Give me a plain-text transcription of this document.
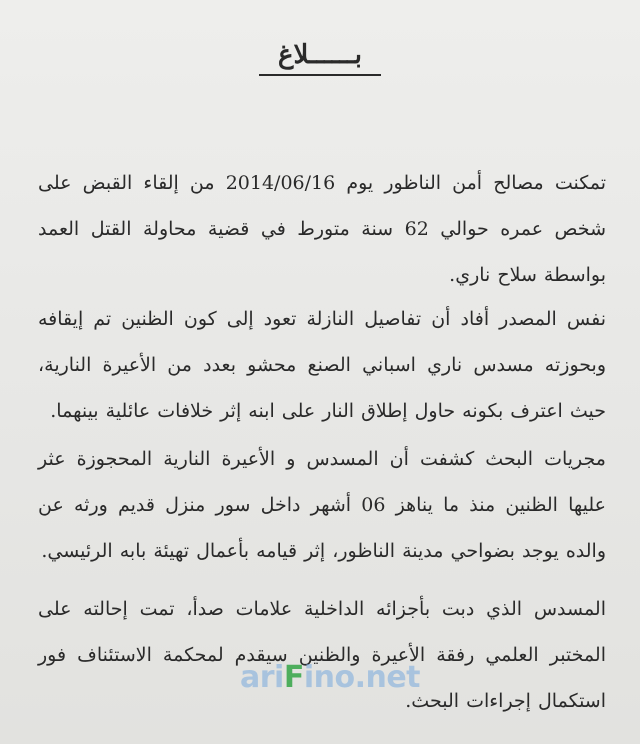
بــــــلاغ
تمكنت مصالح أمن الناظور يوم 2014/06/16 من إلقاء القبض على شخص عمره حوالي 62 سنة متورط في قضية محاولة القتل العمد بواسطة سلاح ناري.
نفس المصدر أفاد أن تفاصيل النازلة تعود إلى كون الظنين تم إيقافه وبحوزته مسدس ناري اسباني الصنع محشو بعدد من الأعيرة النارية، حيث اعترف بكونه حاول إطلاق النار على ابنه إثر خلافات عائلية بينهما.
مجريات البحث كشفت أن المسدس و الأعيرة النارية المحجوزة عثر عليها الظنين منذ ما يناهز 06 أشهر داخل سور منزل قديم ورثه عن والده يوجد بضواحي مدينة الناظور، إثر قيامه بأعمال تهيئة بابه الرئيسي.
المسدس الذي دبت بأجزائه الداخلية علامات صدأ، تمت إحالته على المختبر العلمي رفقة الأعيرة والظنين سيقدم لمحكمة الاستئناف فور استكمال إجراءات البحث.
ariFino.net
